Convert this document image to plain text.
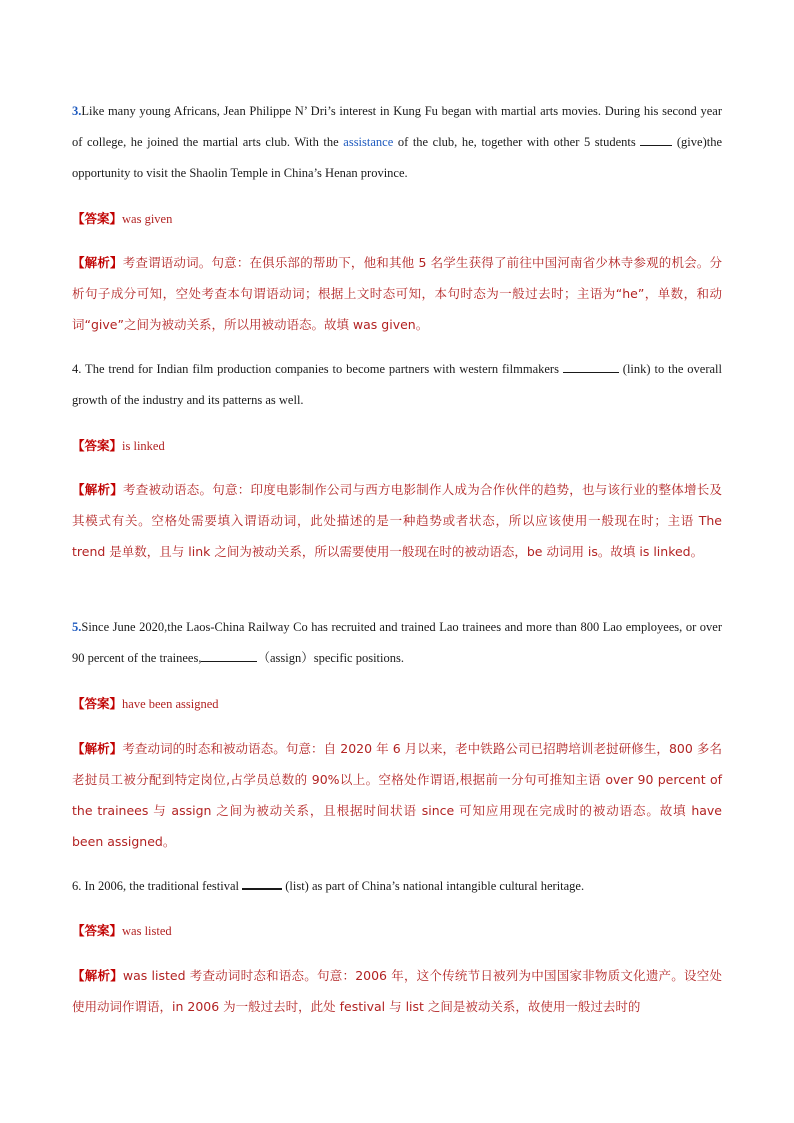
3.Like many young Africans, Jean Philippe N’ Dri’s interest in Kung Fu began with martial arts movies. During his second year of college, he joined the martial arts club. With the assistance of the club, he, together with other 5 students	(give)the opportunity to visit the Shaolin Temple in China’s Henan province.

【答案】was given

【解析】考查谓语动词。句意：在俱乐部的帮助下，他和其他 5 名学生获得了前往中国河南省少林寺参观的机会。分析句子成分可知，空处考查本句谓语动词；根据上文时态可知，本句时态为一般过去时；主语为“he”，单数，和动词“give”之间为被动关系，所以用被动语态。故填 was given。

4. The trend for Indian film production companies to become partners with western filmmakers	(link) to the overall growth of the industry and its patterns as well.

【答案】is linked

【解析】考查被动语态。句意：印度电影制作公司与西方电影制作人成为合作伙伴的趋势，也与该行业的整体增长及其模式有关。空格处需要填入谓语动词，此处描述的是一种趋势或者状态，所以应该使用一般现在时；主语 The trend 是单数，且与 link 之间为被动关系，所以需要使用一般现在时的被动语态，be 动词用 is。故填 is linked。

5.Since June 2020,the Laos-China Railway Co has recruited and trained Lao trainees and more than 800 Lao employees, or over 90 percent of the trainees,	（assign）specific positions.

【答案】have been assigned

【解析】考查动词的时态和被动语态。句意：自 2020 年 6 月以来，老中铁路公司已招聘培训老挝研修生，800 多名老挝员工被分配到特定岗位,占学员总数的 90%以上。空格处作谓语,根据前一分句可推知主语 over 90 percent of the trainees 与 assign 之间为被动关系，且根据时间状语 since 可知应用现在完成时的被动语态。故填 have been assigned。

6. In 2006, the traditional festival	(list) as part of China’s national intangible cultural heritage.

【答案】was listed

【解析】was listed 考查动词时态和语态。句意：2006 年，这个传统节日被列为中国国家非物质文化遗产。设空处使用动词作谓语，in 2006 为一般过去时，此处 festival 与 list 之间是被动关系，故使用一般过去时的
